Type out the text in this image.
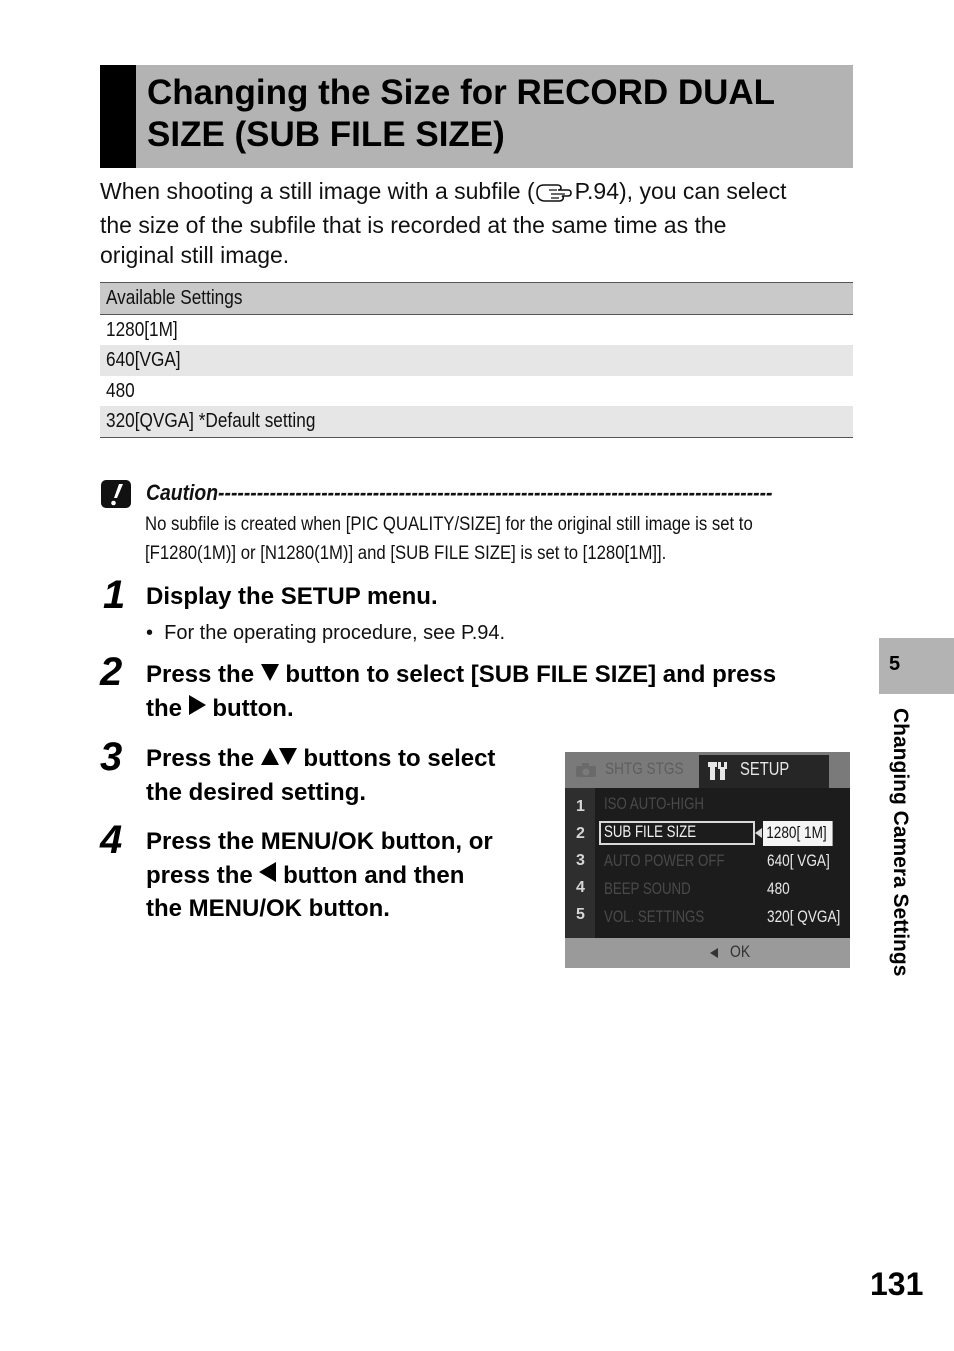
Changing the Size for RECORD DUAL
SIZE (SUB FILE SIZE)
When shooting a still image with a subfile ( P.94), you can select
the size of the subfile that is recorded at the same time as the
original still image.
Available Settings
1280[1M]
640[VGA]
480
320[QVGA] *Default setting
Caution--------------------------------------------------------------------------------------
No subfile is created when [PIC QUALITY/SIZE] for the original still image is set to
[F1280(1M)] or [N1280(1M)] and [SUB FILE SIZE] is set to [1280[1M]].
1 Display the SETUP menu.
•  For the operating procedure, see P.94.
2 Press the button to select [SUB FILE SIZE] and press
the button.
3 Press the buttons to select
the desired setting.
4 Press the MENU/OK button, or
press the button and then
the MENU/OK button.
SHTG STGS	SETUP
1
2
3
4
5
ISO AUTO-HIGH
SUB FILE SIZE
AUTO POWER OFF
BEEP SOUND
VOL. SETTINGS
1280[ 1M]
640[ VGA]
480
320[ QVGA]
OK
5
Changing Camera Settings
131
